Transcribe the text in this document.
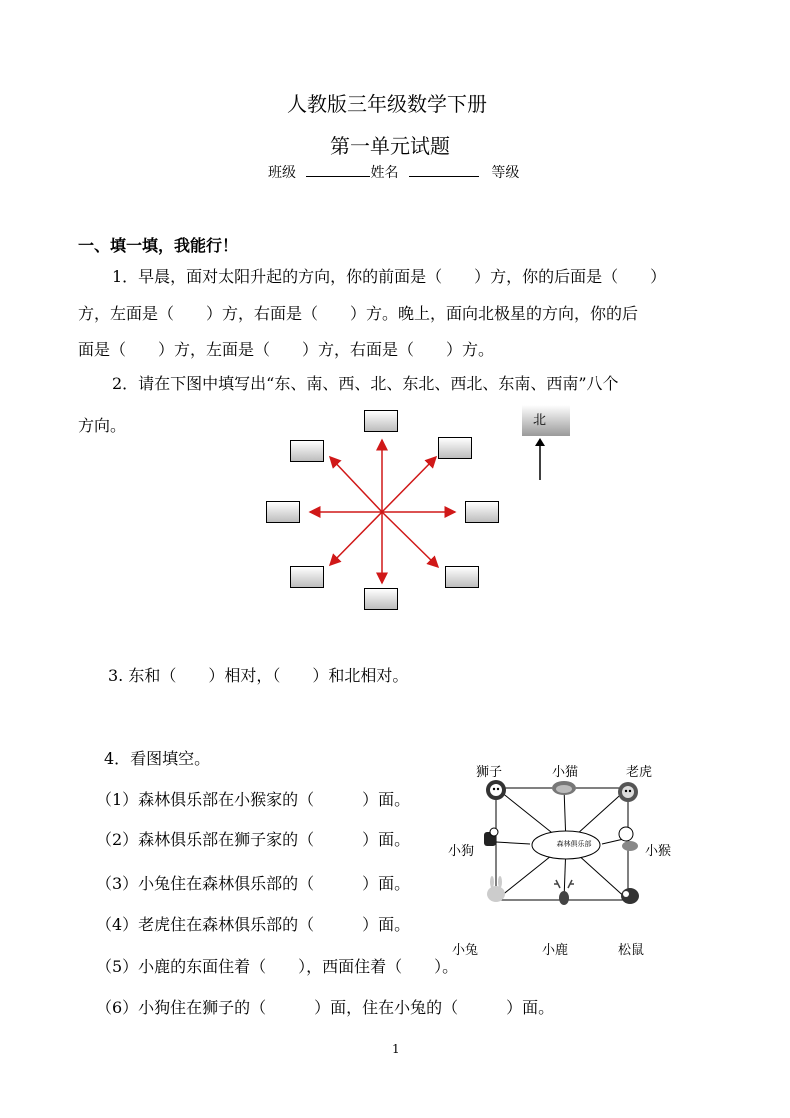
人教版三年级数学下册
第一单元试题
班级	姓名	等级
一、填一填，我能行！
1．早晨，面对太阳升起的方向，你的前面是（　　）方，你的后面是（　　）
方，左面是（　　）方，右面是（　　）方。晚上，面向北极星的方向，你的后
面是（　　）方，左面是（　　）方，右面是（　　）方。
2．请在下图中填写出“东、南、西、北、东北、西北、东南、西南”八个
方向。	北
3. 东和（　　）相对，（　　）和北相对。
4．看图填空。
（1）森林俱乐部在小猴家的（　　　）面。
（2）森林俱乐部在狮子家的（　　　）面。
（3）小兔住在森林俱乐部的（　　　）面。
（4）老虎住在森林俱乐部的（　　　）面。
（5）小鹿的东面住着（　　），西面住着（　　）。
（6）小狗住在狮子的（　　　）面，住在小兔的（　　　）面。
森林俱乐部
狮子	小猫	老虎
小狗	小猴
小兔	小鹿	松鼠
1
